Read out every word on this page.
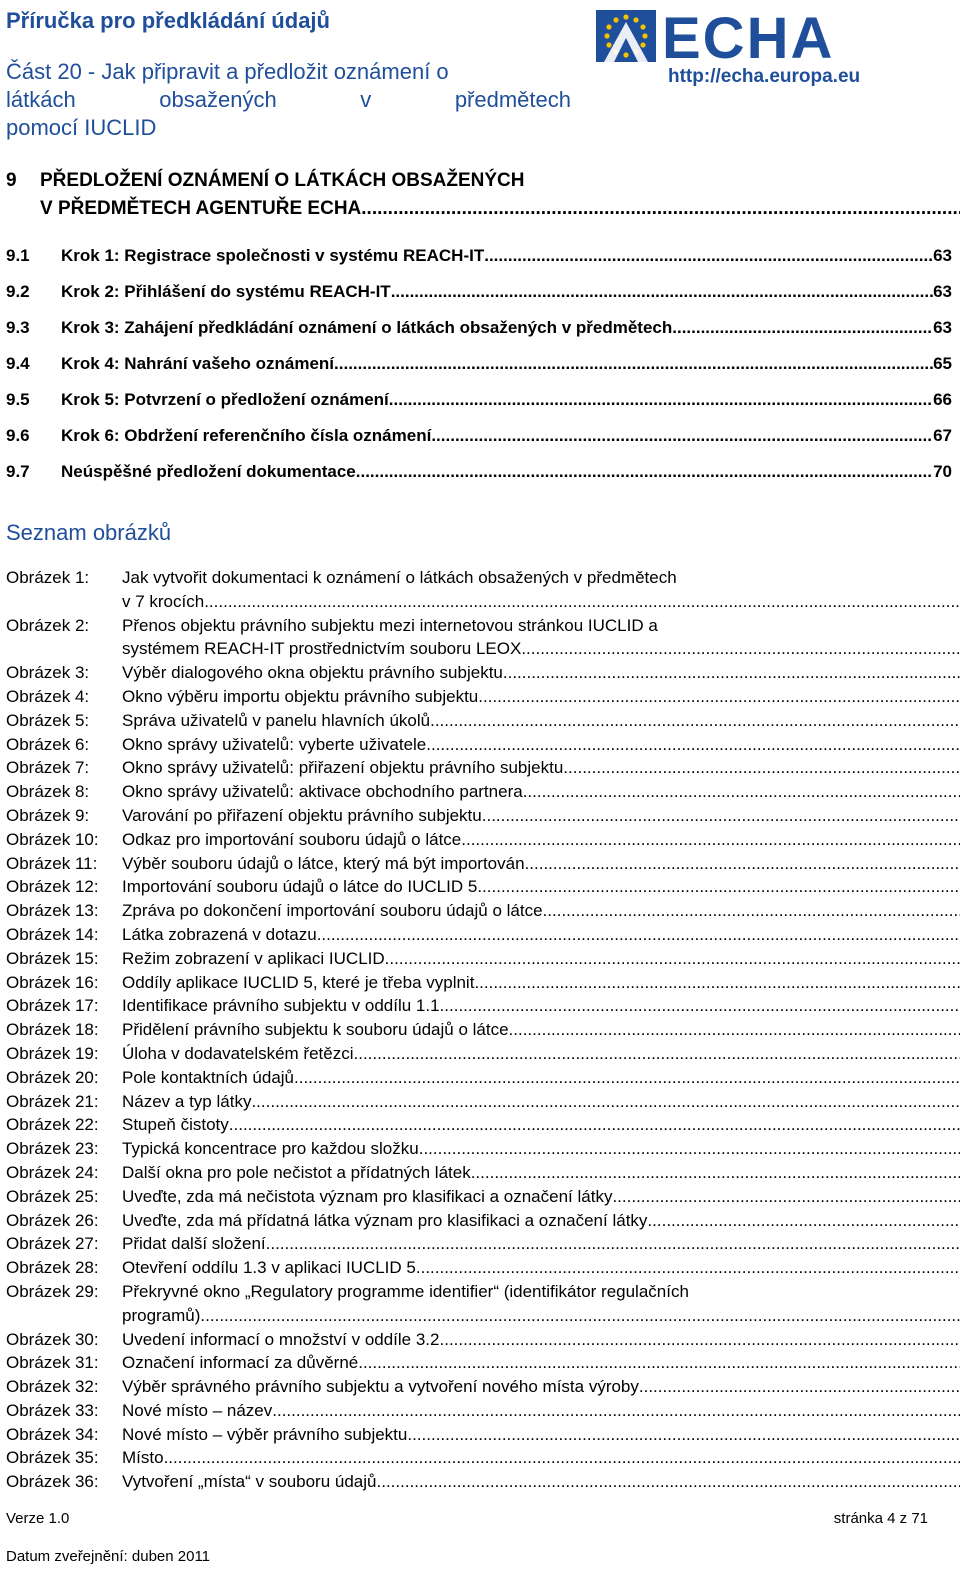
Příručka pro předkládání údajů
Část 20 - Jak připravit a předložit oznámení o
látkách obsažených v předmětech
pomocí IUCLID
ECHA
http://echa.europa.eu
9	PŘEDLOŽENÍ OZNÁMENÍ O LÁTKÁCH OBSAŽENÝCH
V PŘEDMĚTECH AGENTUŘE ECHA
.....
9.1	Krok 1: Registrace společnosti v systému REACH-IT .....	63
9.2	Krok 2: Přihlášení do systému REACH-IT .....	63
9.3	Krok 3: Zahájení předkládání oznámení o látkách obsažených v předmětech .....	63
9.4	Krok 4: Nahrání vašeho oznámení .....	65
9.5	Krok 5: Potvrzení o předložení oznámení .....	66
9.6	Krok 6: Obdržení referenčního čísla oznámení .....	67
9.7	Neúspěšné předložení dokumentace .....	70
Seznam obrázků
Obrázek 1:	Jak vytvořit dokumentaci k oznámení o látkách obsažených v předmětech
v 7 krocích
.....
Obrázek 2:	Přenos objektu právního subjektu mezi internetovou stránkou IUCLID a
systémem REACH-IT prostřednictvím souboru LEOX
.....
Obrázek 3:	Výběr dialogového okna objektu právního subjektu
.....
Obrázek 4:	Okno výběru importu objektu právního subjektu
.....
Obrázek 5:	Správa uživatelů v panelu hlavních úkolů
.....
Obrázek 6:	Okno správy uživatelů: vyberte uživatele
.....
Obrázek 7:	Okno správy uživatelů: přiřazení objektu právního subjektu
.....
Obrázek 8:	Okno správy uživatelů: aktivace obchodního partnera
.....
Obrázek 9:	Varování po přiřazení objektu právního subjektu
.....
Obrázek 10:	Odkaz pro importování souboru údajů o látce
.....
Obrázek 11:	Výběr souboru údajů o látce, který má být importován
.....
Obrázek 12:	Importování souboru údajů o látce do IUCLID 5
.....
Obrázek 13:	Zpráva po dokončení importování souboru údajů o látce
.....
Obrázek 14:	Látka zobrazená v dotazu
.....
Obrázek 15:	Režim zobrazení v aplikaci IUCLID
.....
Obrázek 16:	Oddíly aplikace IUCLID 5, které je třeba vyplnit
.....
Obrázek 17:	Identifikace právního subjektu v oddílu 1.1
.....
Obrázek 18:	Přidělení právního subjektu k souboru údajů o látce
.....
Obrázek 19:	Úloha v dodavatelském řetězci
.....
Obrázek 20:	Pole kontaktních údajů
.....
Obrázek 21:	Název a typ látky
.....
Obrázek 22:	Stupeň čistoty
.....
Obrázek 23:	Typická koncentrace pro každou složku
.....
Obrázek 24:	Další okna pro pole nečistot a přídatných látek
.....
Obrázek 25:	Uveďte, zda má nečistota význam pro klasifikaci a označení látky
.....
Obrázek 26:	Uveďte, zda má přídatná látka význam pro klasifikaci a označení látky
.....
Obrázek 27:	Přidat další složení
.....
Obrázek 28:	Otevření oddílu 1.3 v aplikaci IUCLID 5
.....
Obrázek 29:	Překryvné okno „Regulatory programme identifier“ (identifikátor regulačních
programů)
.....
Obrázek 30:	Uvedení informací o množství v oddíle 3.2
.....
Obrázek 31:	Označení informací za důvěrné
.....
Obrázek 32:	Výběr správného právního subjektu a vytvoření nového místa výroby
.....
Obrázek 33:	Nové místo – název
.....
Obrázek 34:	Nové místo – výběr právního subjektu
.....
Obrázek 35:	Místo
.....
Obrázek 36:	Vytvoření „místa“ v souboru údajů
.....
Verze 1.0	stránka 4 z 71
Datum zveřejnění: duben 2011
